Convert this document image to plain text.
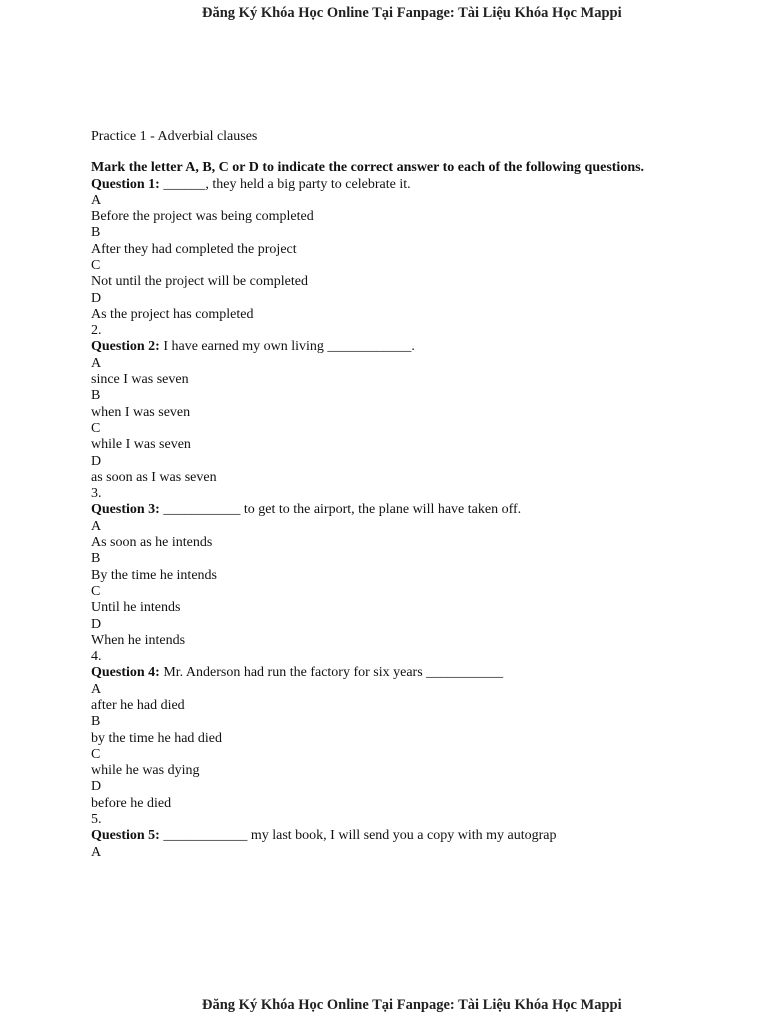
Đăng Ký Khóa Học Online Tại Fanpage: Tài Liệu Khóa Học Mappi
Practice 1 - Adverbial clauses

Mark the letter A, B, C or D to indicate the correct answer to each of the following questions.

Question 1: ______, they held a big party to celebrate it.
A
Before the project was being completed
B
After they had completed the project
C
Not until the project will be completed
D
As the project has completed
2.
Question 2: I have earned my own living ____________.
A
since I was seven
B
when I was seven
C
while I was seven
D
as soon as I was seven
3.
Question 3: ___________ to get to the airport, the plane will have taken off.
A
As soon as he intends
B
By the time he intends
C
Until he intends
D
When he intends
4.
Question 4: Mr. Anderson had run the factory for six years ___________
A
after he had died
B
by the time he had died
C
while he was dying
D
before he died
5.
Question 5: ____________ my last book, I will send you a copy with my autograp
A
Đăng Ký Khóa Học Online Tại Fanpage: Tài Liệu Khóa Học Mappi
